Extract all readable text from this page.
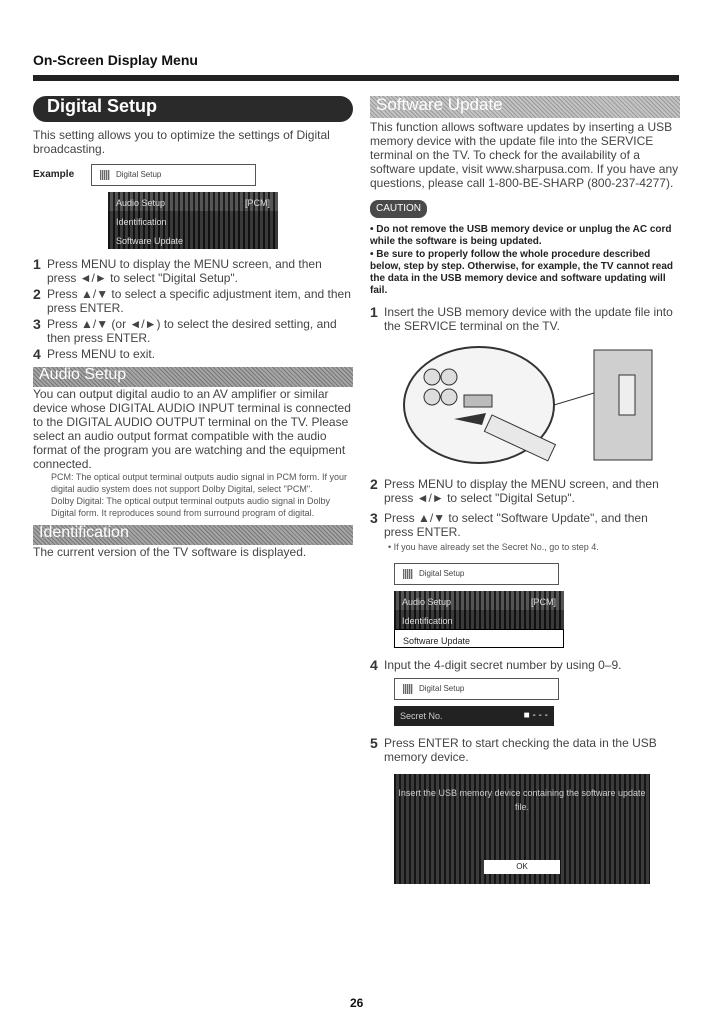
On-Screen Display Menu
Digital Setup
This setting allows you to optimize the settings of Digital broadcasting.
Example	Digital Setup
Audio Setup	[PCM]
Identification
Software Update
1 Press MENU to display the MENU screen, and then press ◄/► to select "Digital Setup".
2 Press ▲/▼ to select a specific adjustment item, and then press ENTER.
3 Press ▲/▼ (or ◄/►) to select the desired setting, and then press ENTER.
4 Press MENU to exit.
Audio Setup
You can output digital audio to an AV amplifier or similar device whose DIGITAL AUDIO INPUT terminal is connected to the DIGITAL AUDIO OUTPUT terminal on the TV. Please select an audio output format compatible with the audio format of the program you are watching and the equipment connected.
PCM: The optical output terminal outputs audio signal in PCM form. If your digital audio system does not support Dolby Digital, select "PCM".
Dolby Digital: The optical output terminal outputs audio signal in Dolby Digital form. It reproduces sound from surround program of digital.
Identification
The current version of the TV software is displayed.
Software Update
This function allows software updates by inserting a USB memory device with the update file into the SERVICE terminal on the TV. To check for the availability of a software update, visit www.sharpusa.com. If you have any questions, please call 1-800-BE-SHARP (800-237-4277).
CAUTION
• Do not remove the USB memory device or unplug the AC cord while the software is being updated.
• Be sure to properly follow the whole procedure described below, step by step. Otherwise, for example, the TV cannot read the data in the USB memory device and software updating will fail.
1 Insert the USB memory device with the update file into the SERVICE terminal on the TV.
2 Press MENU to display the MENU screen, and then press ◄/► to select "Digital Setup".
3 Press ▲/▼ to select "Software Update", and then press ENTER.
• If you have already set the Secret No., go to step 4.
Digital Setup
Audio Setup	[PCM]
Identification
Software Update
4 Input the 4-digit secret number by using 0–9.
Digital Setup
Secret No.	■ - - -
5 Press ENTER to start checking the data in the USB memory device.
Insert the USB memory device containing the software update file.
OK
26
